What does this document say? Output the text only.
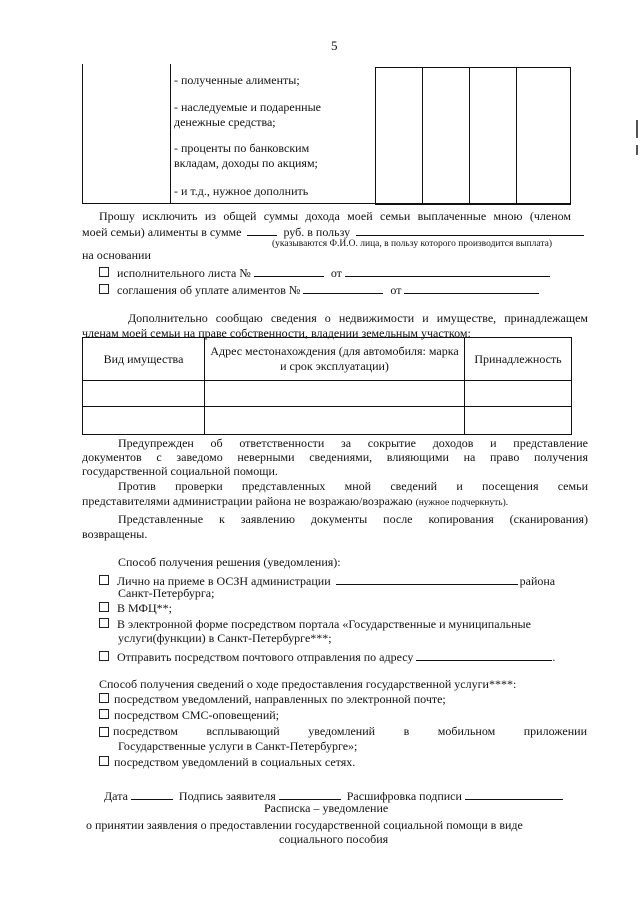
5
- полученные алименты;
- наследуемые и подаренные денежные средства;
- проценты по банковским вкладам, доходы по акциям;
- и т.д., нужное дополнить
Прошу исключить из общей суммы дохода моей семьи выплаченные мною (членом
моей семьи) алименты в сумме	руб. в пользу
(указываются Ф.И.О. лица, в пользу которого производится выплата)
на основании
исполнительного листа №	от
соглашения об уплате алиментов №	от
Дополнительно сообщаю сведения о недвижимости и имуществе, принадлежащем
членам моей семьи на праве собственности, владении земельным участком:
Вид имущества	Адрес местонахождения (для автомобиля: марка и срок эксплуатации)	Принадлежность

Предупрежден об ответственности за сокрытие доходов и представление
документов с заведомо неверными сведениями, влияющими на право получения
государственной социальной помощи.
Против проверки представленных мной сведений и посещения семьи
представителями администрации района не возражаю/возражаю (нужное подчеркнуть).
Представленные к заявлению документы после копирования (сканирования)
возвращены.
Способ получения решения (уведомления):
Лично на приеме в ОСЗН администрации	района
Санкт-Петербурга;
В МФЦ**;
В электронной форме посредством портала «Государственные и муниципальные
услуги(функции) в Санкт-Петербурге***;
Отправить посредством почтового отправления по адресу	.
Способ получения сведений о ходе предоставления государственной услуги****:
посредством уведомлений, направленных по электронной почте;
посредством СМС-оповещений;
посредством всплывающий уведомлений в мобильном приложении
Государственные услуги в Санкт-Петербурге»;
посредством уведомлений в социальных сетях.
Дата	Подпись заявителя	Расшифровка подписи
Расписка – уведомление
о принятии заявления о предоставлении государственной социальной помощи в виде
социального пособия
